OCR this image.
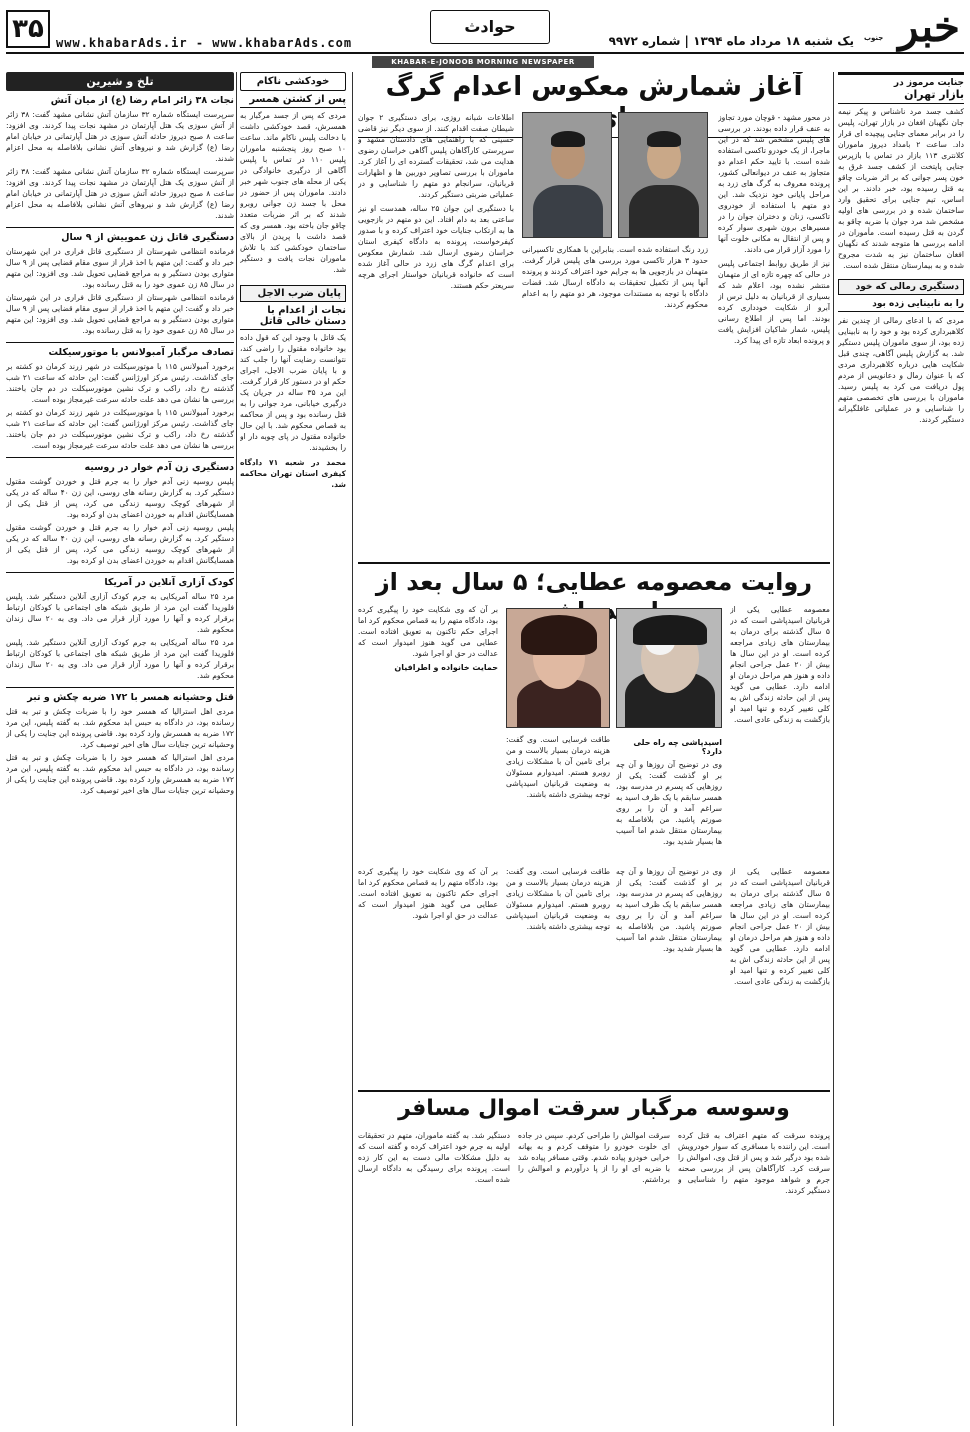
۳۵	www.khabarAds.ir - www.khabarAds.com
حوادث
یک شنبه ۱۸ مرداد ماه ۱۳۹۴ | شماره ۹۹۷۲ خبر
جنوب
KHABAR-E-JONOOB MORNING NEWSPAPER
جنایت مرموز در
بازار تهران
کشف جسد مرد ناشناس و پیکر نیمه جان نگهبان افغان در بازار تهران، پلیس را در برابر معمای جنایی پیچیده ای قرار داد. ساعت ۲ بامداد دیروز ماموران کلانتری ۱۱۳ بازار در تماس با بازپرس جنایی پایتخت از کشف جسد غرق به خون پسر جوانی که بر اثر ضربات چاقو به قتل رسیده بود، خبر دادند. بر این اساس، تیم جنایی برای تحقیق وارد ساختمان شده و در بررسی های اولیه مشخص شد مرد جوان با ضربه چاقو به گردن به قتل رسیده است. مأموران در ادامه بررسی ها متوجه شدند که نگهبان افغان ساختمان نیز به شدت مجروح شده و به بیمارستان منتقل شده است.
دستگیری رمالی که خود
را به نابینایی زده بود
مردی که با ادعای رمالی از چندین نفر کلاهبرداری کرده بود و خود را به نابینایی زده بود، از سوی ماموران پلیس دستگیر شد. به گزارش پلیس آگاهی، چندی قبل شکایت هایی درباره کلاهبرداری مردی که با عنوان رمال و دعانویس از مردم پول دریافت می کرد به پلیس رسید. ماموران با بررسی های تخصصی متهم را شناسایی و در عملیاتی غافلگیرانه دستگیر کردند.
آغاز شمارش معکوس اعدام گرگ
در محور مشهد - قوچان مورد تجاوز به عنف قرار داده بودند. در بررسی های پلیس مشخص شد که در این ماجرا، از یک خودرو تاکسی استفاده شده است. با تایید حکم اعدام دو متجاوز به عنف در دیوانعالی کشور، پرونده معروف به گرگ های زرد به مراحل پایانی خود نزدیک شد. این دو متهم با استفاده از خودروی تاکسی، زنان و دختران جوان را در مسیرهای برون شهری سوار کرده و پس از انتقال به مکانی خلوت آنها را مورد آزار قرار می دادند.
نیز از طریق روابط اجتماعی پلیس در حالی که چهره تازه ای از متهمان منتشر نشده بود، اعلام شد که بسیاری از قربانیان به دلیل ترس از آبرو از شکایت خودداری کرده بودند. اما پس از اطلاع رسانی پلیس، شمار شاکیان افزایش یافت و پرونده ابعاد تازه ای پیدا کرد.
زرد رنگ استفاده شده است. بنابراین با همکاری تاکسیرانی حدود ۳ هزار تاکسی مورد بررسی های پلیس قرار گرفت. متهمان در بازجویی ها به جرایم خود اعتراف کردند و پرونده آنها پس از تکمیل تحقیقات به دادگاه ارسال شد. قضات دادگاه با توجه به مستندات موجود، هر دو متهم را به اعدام محکوم کردند.
اطلاعات شبانه روزی، برای دستگیری ۲ جوان شیطان صفت اقدام کنند. از سوی دیگر نیز قاضی حسینی که با راهنمایی های دادستان مشهد و سرپرستی کارآگاهان پلیس آگاهی خراسان رضوی هدایت می شد، تحقیقات گسترده ای را آغاز کرد. ماموران با بررسی تصاویر دوربین ها و اظهارات قربانیان، سرانجام دو متهم را شناسایی و در عملیاتی ضربتی دستگیر کردند.
با دستگیری این جوان ۲۵ ساله، همدست او نیز ساعتی بعد به دام افتاد. این دو متهم در بازجویی ها به ارتکاب جنایات خود اعتراف کرده و با صدور کیفرخواست، پرونده به دادگاه کیفری استان خراسان رضوی ارسال شد. شمارش معکوس برای اعدام گرگ های زرد در حالی آغاز شده است که خانواده قربانیان خواستار اجرای هرچه سریعتر حکم هستند.
روایت معصومه عطایی؛ ۵ سال بعد از
معصومه عطایی یکی از قربانیان اسیدپاشی است که در ۵ سال گذشته برای درمان به بیمارستان های زیادی مراجعه کرده است. او در این سال ها بیش از ۲۰ عمل جراحی انجام داده و هنوز هم مراحل درمان او ادامه دارد. عطایی می گوید پس از این حادثه زندگی اش به کلی تغییر کرده و تنها امید او بازگشت به زندگی عادی است.
اسیدپاشی چه راه حلی دارد؟
وی در توضیح آن روزها و آن چه بر او گذشت گفت: یکی از روزهایی که پسرم در مدرسه بود، همسر سابقم با یک ظرف اسید به سراغم آمد و آن را بر روی صورتم پاشید. من بلافاصله به بیمارستان منتقل شدم اما آسیب ها بسیار شدید بود.
طاقت فرسایی است. وی گفت: هزینه درمان بسیار بالاست و من برای تامین آن با مشکلات زیادی روبرو هستم. امیدوارم مسئولان به وضعیت قربانیان اسیدپاشی توجه بیشتری داشته باشند.
بر آن که وی شکایت خود را پیگیری کرده بود، دادگاه متهم را به قصاص محکوم کرد اما اجرای حکم تاکنون به تعویق افتاده است. عطایی می گوید هنوز امیدوار است که عدالت در حق او اجرا شود.
حمایت خانواده و اطرافیان
معصومه عطایی یکی از قربانیان اسیدپاشی است که در ۵ سال گذشته برای درمان به بیمارستان های زیادی مراجعه کرده است. او در این سال ها بیش از ۲۰ عمل جراحی انجام داده و هنوز هم مراحل درمان او ادامه دارد. عطایی می گوید پس از این حادثه زندگی اش به کلی تغییر کرده و تنها امید او بازگشت به زندگی عادی است.
وی در توضیح آن روزها و آن چه بر او گذشت گفت: یکی از روزهایی که پسرم در مدرسه بود، همسر سابقم با یک ظرف اسید به سراغم آمد و آن را بر روی صورتم پاشید. من بلافاصله به بیمارستان منتقل شدم اما آسیب ها بسیار شدید بود.
طاقت فرسایی است. وی گفت: هزینه درمان بسیار بالاست و من برای تامین آن با مشکلات زیادی روبرو هستم. امیدوارم مسئولان به وضعیت قربانیان اسیدپاشی توجه بیشتری داشته باشند.
بر آن که وی شکایت خود را پیگیری کرده بود، دادگاه متهم را به قصاص محکوم کرد اما اجرای حکم تاکنون به تعویق افتاده است. عطایی می گوید هنوز امیدوار است که عدالت در حق او اجرا شود.
وسوسه مرگبار سرقت اموال مسافر
پرونده سرقت که متهم اعتراف به قتل کرده است. این راننده با مسافری که سوار خودرویش شده بود درگیر شد و پس از قتل وی، اموالش را سرقت کرد. کارآگاهان پس از بررسی صحنه جرم و شواهد موجود متهم را شناسایی و دستگیر کردند.
سرقت اموالش را طراحی کردم. سپس در جاده ای خلوت خودرو را متوقف کردم و به بهانه خرابی خودرو پیاده شدم. وقتی مسافر پیاده شد با ضربه ای او را از پا درآوردم و اموالش را برداشتم.
دستگیر شد. به گفته ماموران، متهم در تحقیقات اولیه به جرم خود اعتراف کرده و گفته است که به دلیل مشکلات مالی دست به این کار زده است. پرونده برای رسیدگی به دادگاه ارسال شده است.
خودکشی ناکام
پس از کشتن همسر
مردی که پس از جسد مرگبار به همسرش، قصد خودکشی داشت با دخالت پلیس ناکام ماند. ساعت ۱۰ صبح روز پنجشنبه ماموران پلیس ۱۱۰ در تماس با پلیس آگاهی از درگیری خانوادگی در یکی از محله های جنوب شهر خبر دادند. ماموران پس از حضور در محل با جسد زن جوانی روبرو شدند که بر اثر ضربات متعدد چاقو جان باخته بود. همسر وی که قصد داشت با پریدن از بالای ساختمان خودکشی کند با تلاش ماموران نجات یافت و دستگیر شد.
پایان ضرب الاجل
نجات از اعدام با دستان خالی قاتل
یک قاتل با وجود این که قول داده بود خانواده مقتول را راضی کند، نتوانست رضایت آنها را جلب کند و با پایان ضرب الاجل، اجرای حکم او در دستور کار قرار گرفت. این مرد ۳۵ ساله در جریان یک درگیری خیابانی، مرد جوانی را به قتل رسانده بود و پس از محاکمه به قصاص محکوم شد. با این حال خانواده مقتول در پای چوبه دار او را بخشیدند.
محمد در شعبه ۷۱ دادگاه کیفری استان تهران محاکمه شد.
تلخ و شیرین
نجات ۳۸ زائر امام رضا (ع) از میان آتش
سرپرست ایستگاه شماره ۳۲ سازمان آتش نشانی مشهد گفت: ۳۸ زائر از آتش سوزی یک هتل آپارتمان در مشهد نجات پیدا کردند. وی افزود: ساعت ۸ صبح دیروز حادثه آتش سوزی در هتل آپارتمانی در خیابان امام رضا (ع) گزارش شد و نیروهای آتش نشانی بلافاصله به محل اعزام شدند.
سرپرست ایستگاه شماره ۳۲ سازمان آتش نشانی مشهد گفت: ۳۸ زائر از آتش سوزی یک هتل آپارتمان در مشهد نجات پیدا کردند. وی افزود: ساعت ۸ صبح دیروز حادثه آتش سوزی در هتل آپارتمانی در خیابان امام رضا (ع) گزارش شد و نیروهای آتش نشانی بلافاصله به محل اعزام شدند.
دستگیری قاتل زن عموییش از ۹ سال
فرمانده انتظامی شهرستان از دستگیری قاتل فراری در این شهرستان خبر داد و گفت: این متهم با اخذ قرار از سوی مقام قضایی پس از ۹ سال متواری بودن دستگیر و به مراجع قضایی تحویل شد. وی افزود: این متهم در سال ۸۵ زن عموی خود را به قتل رسانده بود.
فرمانده انتظامی شهرستان از دستگیری قاتل فراری در این شهرستان خبر داد و گفت: این متهم با اخذ قرار از سوی مقام قضایی پس از ۹ سال متواری بودن دستگیر و به مراجع قضایی تحویل شد. وی افزود: این متهم در سال ۸۵ زن عموی خود را به قتل رسانده بود.
تصادف مرگبار آمبولانس با موتورسیکلت
برخورد آمبولانس ۱۱۵ با موتورسیکلت در شهر زرند کرمان دو کشته بر جای گذاشت. رئیس مرکز اورژانس گفت: این حادثه که ساعت ۲۱ شب گذشته رخ داد، راکب و ترک نشین موتورسیکلت در دم جان باختند. بررسی ها نشان می دهد علت حادثه سرعت غیرمجاز بوده است.
برخورد آمبولانس ۱۱۵ با موتورسیکلت در شهر زرند کرمان دو کشته بر جای گذاشت. رئیس مرکز اورژانس گفت: این حادثه که ساعت ۲۱ شب گذشته رخ داد، راکب و ترک نشین موتورسیکلت در دم جان باختند. بررسی ها نشان می دهد علت حادثه سرعت غیرمجاز بوده است.
دستگیری زن آدم خوار در روسیه
پلیس روسیه زنی آدم خوار را به جرم قتل و خوردن گوشت مقتول دستگیر کرد. به گزارش رسانه های روسی، این زن ۴۰ ساله که در یکی از شهرهای کوچک روسیه زندگی می کرد، پس از قتل یکی از همسایگانش اقدام به خوردن اعضای بدن او کرده بود.
پلیس روسیه زنی آدم خوار را به جرم قتل و خوردن گوشت مقتول دستگیر کرد. به گزارش رسانه های روسی، این زن ۴۰ ساله که در یکی از شهرهای کوچک روسیه زندگی می کرد، پس از قتل یکی از همسایگانش اقدام به خوردن اعضای بدن او کرده بود.
کودک آزاری آنلاین در آمریکا
مرد ۲۵ ساله آمریکایی به جرم کودک آزاری آنلاین دستگیر شد. پلیس فلوریدا گفت این مرد از طریق شبکه های اجتماعی با کودکان ارتباط برقرار کرده و آنها را مورد آزار قرار می داد. وی به ۲۰ سال زندان محکوم شد.
مرد ۲۵ ساله آمریکایی به جرم کودک آزاری آنلاین دستگیر شد. پلیس فلوریدا گفت این مرد از طریق شبکه های اجتماعی با کودکان ارتباط برقرار کرده و آنها را مورد آزار قرار می داد. وی به ۲۰ سال زندان محکوم شد.
قتل وحشیانه همسر با ۱۷۲ ضربه چکش و تبر
مردی اهل استرالیا که همسر خود را با ضربات چکش و تبر به قتل رسانده بود، در دادگاه به حبس ابد محکوم شد. به گفته پلیس، این مرد ۱۷۲ ضربه به همسرش وارد کرده بود. قاضی پرونده این جنایت را یکی از وحشیانه ترین جنایات سال های اخیر توصیف کرد.
مردی اهل استرالیا که همسر خود را با ضربات چکش و تبر به قتل رسانده بود، در دادگاه به حبس ابد محکوم شد. به گفته پلیس، این مرد ۱۷۲ ضربه به همسرش وارد کرده بود. قاضی پرونده این جنایت را یکی از وحشیانه ترین جنایات سال های اخیر توصیف کرد.
